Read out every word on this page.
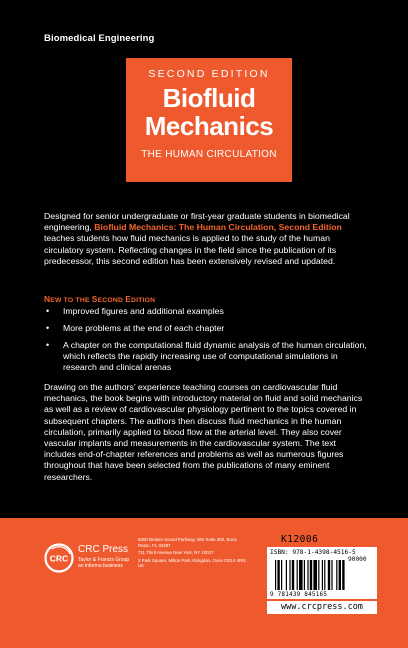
Biomedical Engineering
SECOND EDITION
Biofluid
Mechanics
THE HUMAN CIRCULATION
Designed for senior undergraduate or first-year graduate students in biomedical engineering, Biofluid Mechanics: The Human Circulation, Second Edition teaches students how fluid mechanics is applied to the study of the human circulatory system. Reflecting changes in the field since the publication of its predecessor, this second edition has been extensively revised and updated.
NEW TO THE SECOND EDITION
• Improved figures and additional examples
• More problems at the end of each chapter
• A chapter on the computational fluid dynamic analysis of the human circulation, which reflects the rapidly increasing use of computational simulations in research and clinical arenas
Drawing on the authors’ experience teaching courses on cardiovascular fluid mechanics, the book begins with introductory material on fluid and solid mechanics as well as a review of cardiovascular physiology pertinent to the topics covered in subsequent chapters. The authors then discuss fluid mechanics in the human circulation, primarily applied to blood flow at the arterial level. They also cover vascular implants and measurements in the cardiovascular system. The text includes end-of-chapter references and problems as well as numerous figures throughout that have been selected from the publications of many eminent researchers.
CRC
CRC Press
Taylor & Francis Group
an informa business

6000 Broken Sound Parkway, NW Suite 300, Boca Raton, FL 33487

711 Third Avenue New York, NY 10017

2 Park Square, Milton Park Abingdon, Oxon OX14 4RN, UK

K12006
ISBN: 978-1-4398-4516-5
90000
9 781439 845165
www.crcpress.com
